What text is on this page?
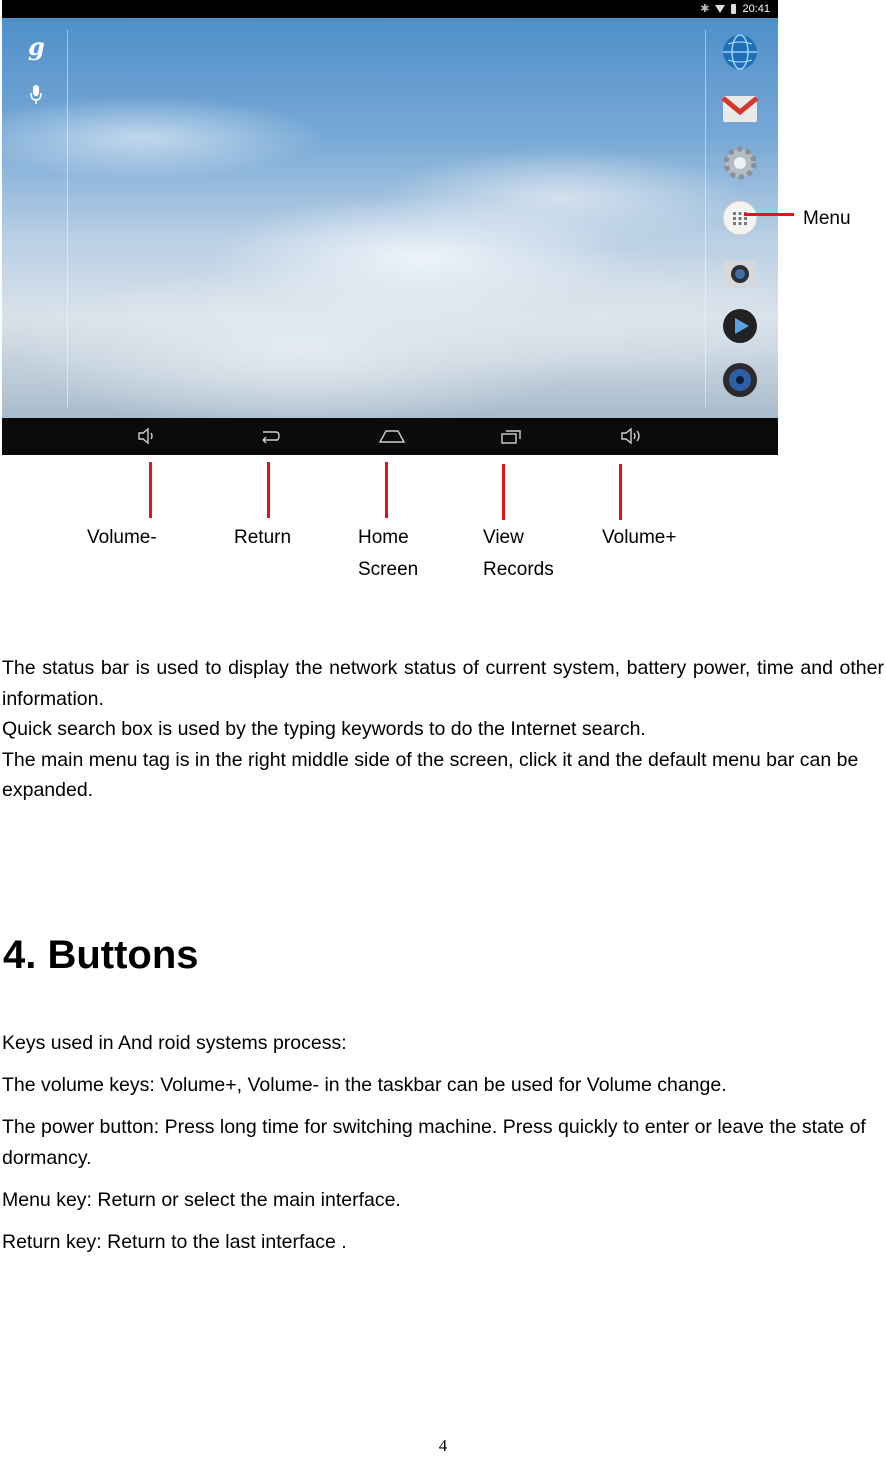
✱	20:41
g
Volume-	Return	Home
Screen
View
Records
Volume+
Menu

The status bar is used to display the network status of current system, battery power, time and other information.

Quick search box is used by the typing keywords to do the Internet search.

The main menu tag is in the right middle side of the screen, click it and the default menu bar can be expanded.

4. Buttons

Keys used in And roid systems process:

The volume keys: Volume+, Volume- in the taskbar can be used for Volume change.

The power button: Press long time for switching machine. Press quickly to enter or leave the state of dormancy.

Menu key: Return or select the main interface.

Return key: Return to the last interface .

4
